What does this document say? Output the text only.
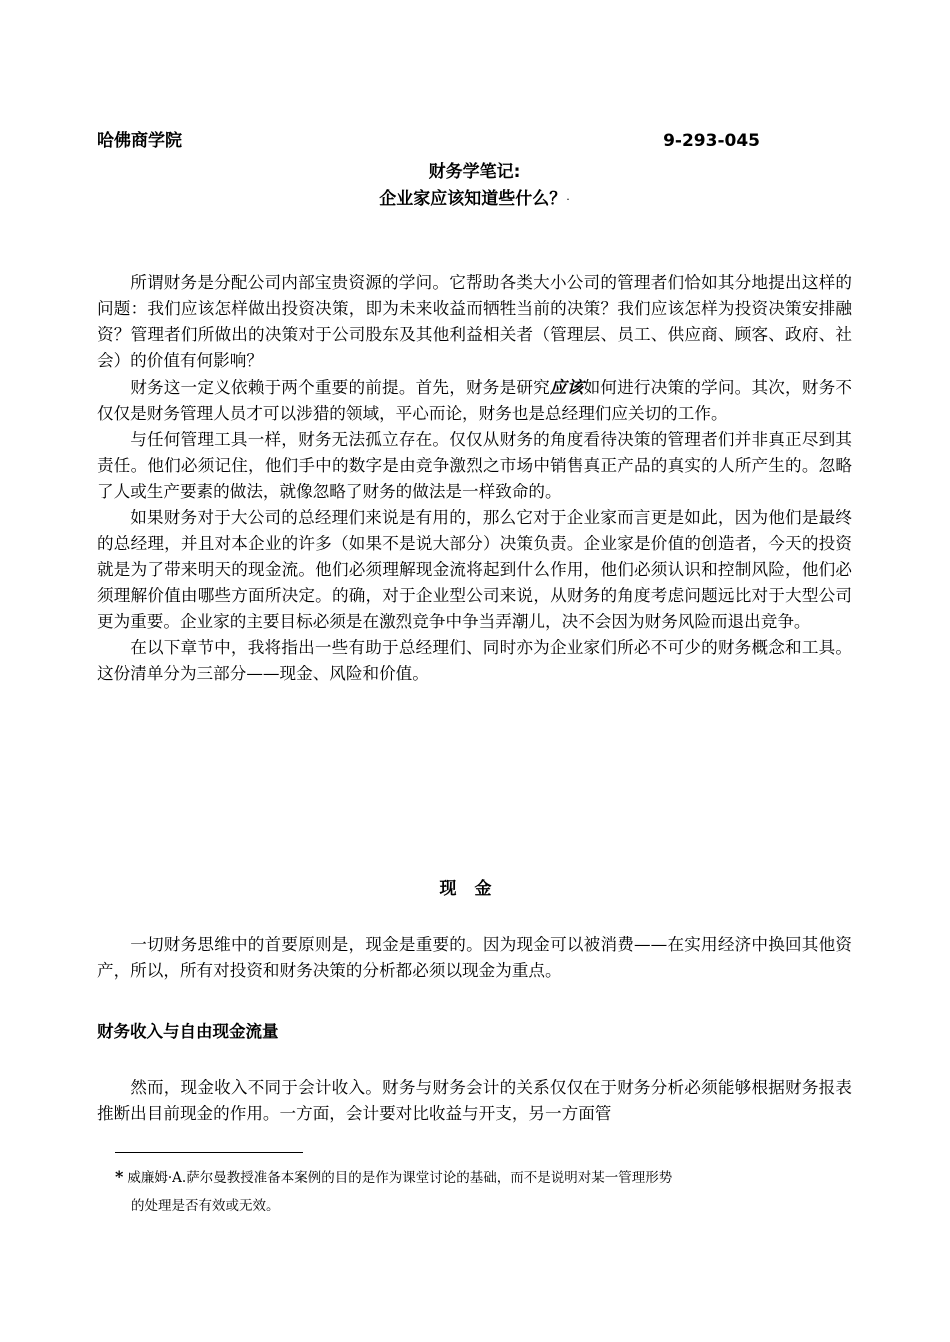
哈佛商学院	9-293-045
财务学笔记:
企业家应该知道些什么？·

所谓财务是分配公司内部宝贵资源的学问。它帮助各类大小公司的管理者们恰如其分地提出这样的问题：我们应该怎样做出投资决策，即为未来收益而牺牲当前的决策？我们应该怎样为投资决策安排融资？管理者们所做出的决策对于公司股东及其他利益相关者（管理层、员工、供应商、顾客、政府、社会）的价值有何影响？

财务这一定义依赖于两个重要的前提。首先，财务是研究应该如何进行决策的学问。其次，财务不仅仅是财务管理人员才可以涉猎的领域，平心而论，财务也是总经理们应关切的工作。

与任何管理工具一样，财务无法孤立存在。仅仅从财务的角度看待决策的管理者们并非真正尽到其责任。他们必须记住，他们手中的数字是由竞争激烈之市场中销售真正产品的真实的人所产生的。忽略了人或生产要素的做法，就像忽略了财务的做法是一样致命的。

如果财务对于大公司的总经理们来说是有用的，那么它对于企业家而言更是如此，因为他们是最终的总经理，并且对本企业的许多（如果不是说大部分）决策负责。企业家是价值的创造者，今天的投资就是为了带来明天的现金流。他们必须理解现金流将起到什么作用，他们必须认识和控制风险，他们必须理解价值由哪些方面所决定。的确，对于企业型公司来说，从财务的角度考虑问题远比对于大型公司更为重要。企业家的主要目标必须是在激烈竞争中争当弄潮儿，决不会因为财务风险而退出竞争。

在以下章节中，我将指出一些有助于总经理们、同时亦为企业家们所必不可少的财务概念和工具。这份清单分为三部分——现金、风险和价值。

现金

一切财务思维中的首要原则是，现金是重要的。因为现金可以被消费——在实用经济中换回其他资产，所以，所有对投资和财务决策的分析都必须以现金为重点。

财务收入与自由现金流量

然而，现金收入不同于会计收入。财务与财务会计的关系仅仅在于财务分析必须能够根据财务报表推断出目前现金的作用。一方面，会计要对比收益与开支，另一方面管

* 威廉姆·A.萨尔曼教授准备本案例的目的是作为课堂讨论的基础，而不是说明对某一管理形势

的处理是否有效或无效。
